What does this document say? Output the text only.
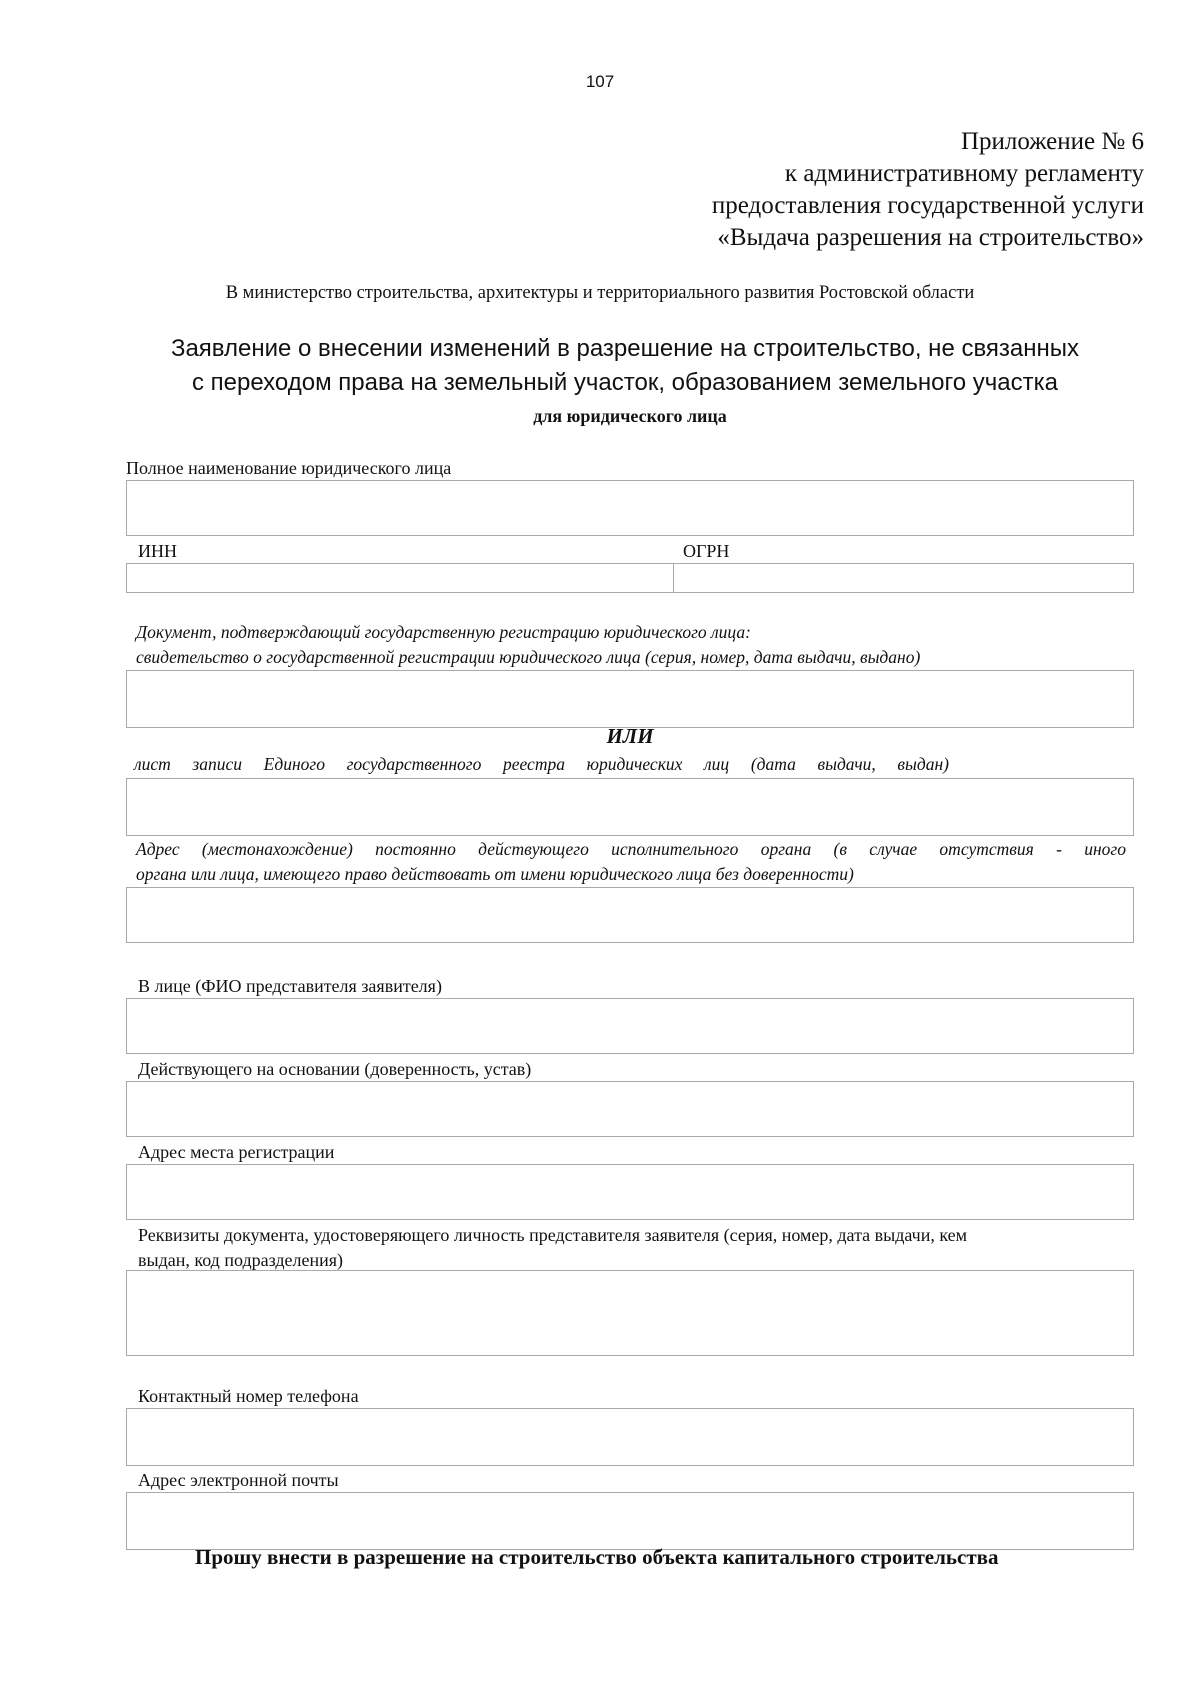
107
Приложение № 6
к административному регламенту
предоставления государственной услуги
«Выдача разрешения на строительство»
В министерство строительства, архитектуры и территориального развития Ростовской области
Заявление о внесении изменений в разрешение на строительство, не связанных
с переходом права на земельный участок, образованием земельного участка
для юридического лица
Полное наименование юридического лица
ИНН	ОГРН
Документ, подтверждающий государственную регистрацию юридического лица:
свидетельство о государственной регистрации юридического лица (серия, номер, дата выдачи, выдано)
ИЛИ
лист записи Единого государственного реестра юридических лиц (дата выдачи, выдан)
Адрес (местонахождение) постоянно действующего исполнительного органа (в случае отсутствия - иного
органа или лица, имеющего право действовать от имени юридического лица без доверенности)
В лице (ФИО представителя заявителя)
Действующего на основании (доверенность, устав)
Адрес места регистрации
Реквизиты документа, удостоверяющего личность представителя заявителя (серия, номер, дата выдачи, кем
выдан, код подразделения)
Контактный номер телефона
Адрес электронной почты
Прошу внести в разрешение на строительство объекта капитального строительства
